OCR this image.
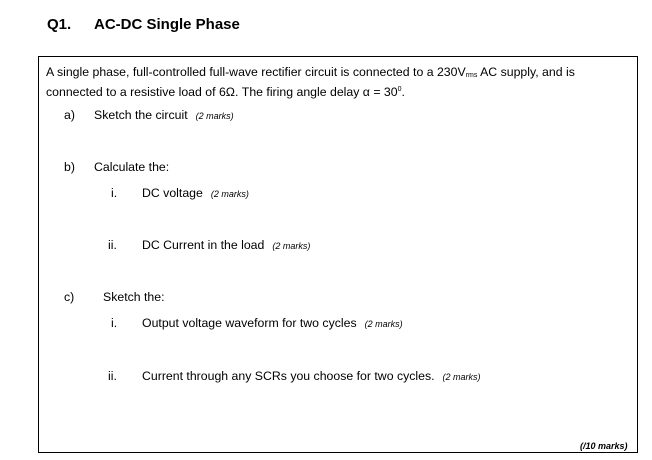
Q1. AC-DC Single Phase
A single phase, full-controlled full-wave rectifier circuit is connected to a 230Vrms AC supply, and is
connected to a resistive load of 6Ω. The firing angle delay $\alpha = 30^0$.
a) Sketch the circuit (2 marks)
b) Calculate the:
i. DC voltage (2 marks)
ii. DC Current in the load (2 marks)
c) Sketch the:
i. Output voltage waveform for two cycles (2 marks)
ii. Current through any SCRs you choose for two cycles. (2 marks)
(/10 marks)
